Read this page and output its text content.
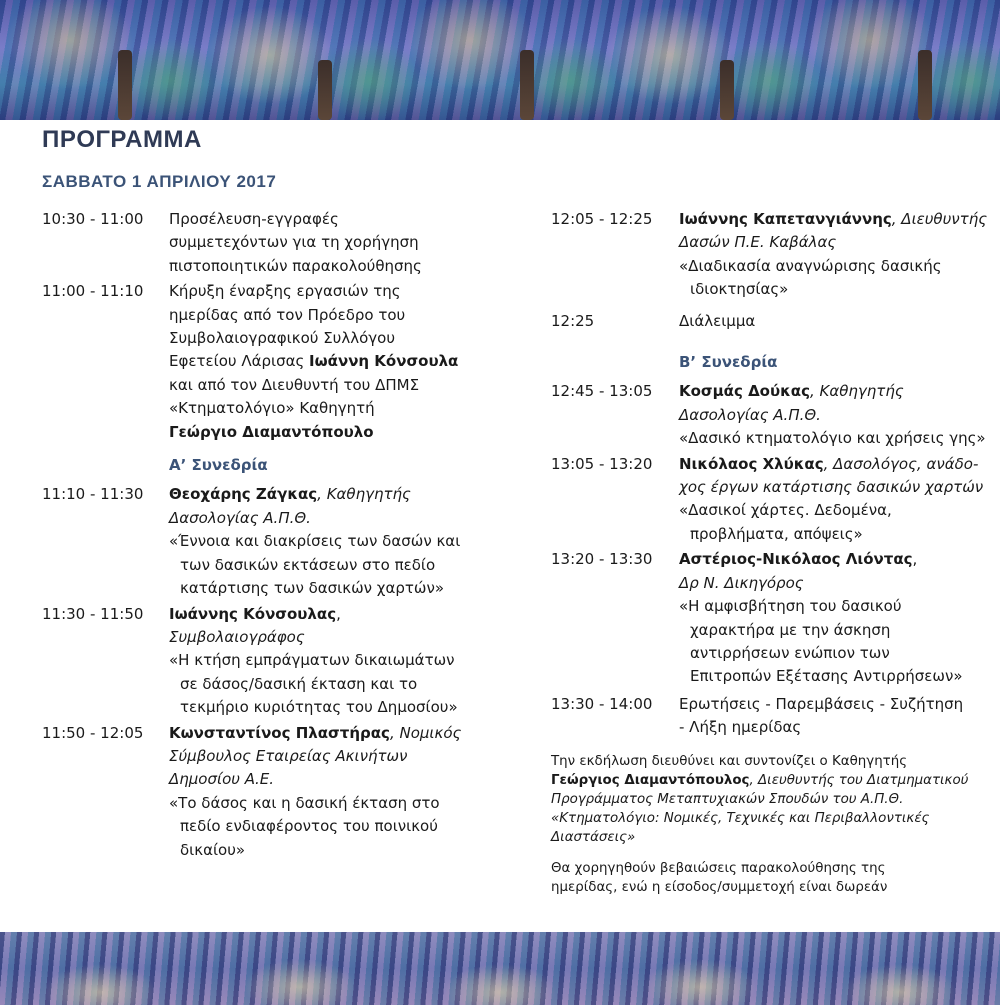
ΠΡΟΓΡΑΜΜΑ
ΣΑΒΒΑΤΟ 1 ΑΠΡΙΛΙΟΥ 2017
10:30 - 11:00	Προσέλευση-εγγραφές
συμμετεχόντων για τη χορήγηση
πιστοποιητικών παρακολούθησης
11:00 - 11:10	Κήρυξη έναρξης εργασιών της
ημερίδας από τον Πρόεδρο του
Συμβολαιογραφικού Συλλόγου
Εφετείου Λάρισας Ιωάννη Κόνσουλα
και από τον Διευθυντή του ΔΠΜΣ
«Κτηματολόγιο» Καθηγητή
Γεώργιο Διαμαντόπουλο
Α’ Συνεδρία
11:10 - 11:30	Θεοχάρης Ζάγκας, Καθηγητής
Δασολογίας Α.Π.Θ.
«Έννοια και διακρίσεις των δασών και
των δασικών εκτάσεων στο πεδίο
κατάρτισης των δασικών χαρτών»
11:30 - 11:50	Ιωάννης Κόνσουλας,
Συμβολαιογράφος
«Η κτήση εμπράγματων δικαιωμάτων
σε δάσος/δασική έκταση και το
τεκμήριο κυριότητας του Δημοσίου»
11:50 - 12:05	Κωνσταντίνος Πλαστήρας, Νομικός
Σύμβουλος Εταιρείας Ακινήτων
Δημοσίου Α.Ε.
«Το δάσος και η δασική έκταση στο
πεδίο ενδιαφέροντος του ποινικού
δικαίου»
12:05 - 12:25	Ιωάννης Καπετανγιάννης, Διευθυντής
Δασών Π.Ε. Καβάλας
«Διαδικασία αναγνώρισης δασικής
ιδιοκτησίας»
12:25	Διάλειμμα
Β’ Συνεδρία
12:45 - 13:05	Κοσμάς Δούκας, Καθηγητής
Δασολογίας Α.Π.Θ.
«Δασικό κτηματολόγιο και χρήσεις γης»
13:05 - 13:20	Νικόλαος Χλύκας, Δασολόγος, ανάδο-
χος έργων κατάρτισης δασικών χαρτών
«Δασικοί χάρτες. Δεδομένα,
προβλήματα, απόψεις»
13:20 - 13:30	Αστέριος-Νικόλαος Λιόντας,
Δρ Ν. Δικηγόρος
«Η αμφισβήτηση του δασικού
χαρακτήρα με την άσκηση
αντιρρήσεων ενώπιον των
Επιτροπών Εξέτασης Αντιρρήσεων»
13:30 - 14:00	Ερωτήσεις - Παρεμβάσεις - Συζήτηση
- Λήξη ημερίδας
Την εκδήλωση διευθύνει και συντονίζει ο Καθηγητής
Γεώργιος Διαμαντόπουλος, Διευθυντής του Διατμηματικού
Προγράμματος Μεταπτυχιακών Σπουδών του Α.Π.Θ.
«Κτηματολόγιο: Νομικές, Τεχνικές και Περιβαλλοντικές
Διαστάσεις»
Θα χορηγηθούν βεβαιώσεις παρακολούθησης της
ημερίδας, ενώ η είσοδος/συμμετοχή είναι δωρεάν
